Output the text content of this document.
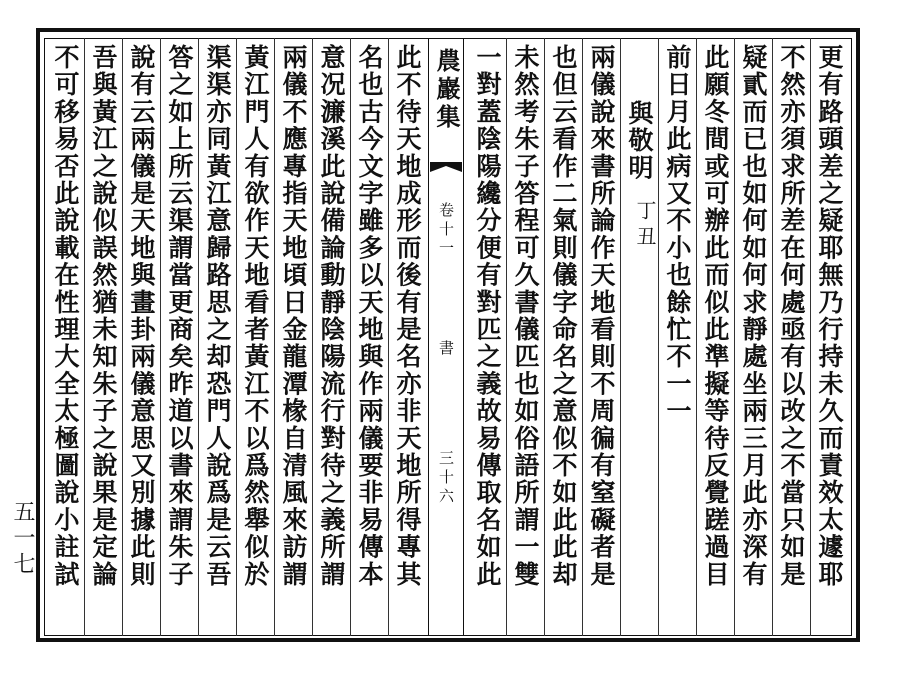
更有路頭差之疑耶無乃行持未久而責效太遽耶
不然亦須求所差在何處亟有以改之不當只如是
疑貳而已也如何如何求靜處坐兩三月此亦深有
此願冬間或可辦此而似此準擬等待反覺蹉過目
前日月此病又不小也餘忙不一一
與敬明
丁丑
兩儀說來書所論作天地看則不周徧有窒礙者是
也但云看作二氣則儀字命名之意似不如此此却
未然考朱子答程可久書儀匹也如俗語所謂一雙
一對蓋陰陽纔分便有對匹之義故易傳取名如此
農巖集
卷十一
書
三十六
此不待天地成形而後有是名亦非天地所得專其
名也古今文字雖多以天地與作兩儀要非易傳本
意况濂溪此說備論動靜陰陽流行對待之義所謂
兩儀不應專指天地頃日金龍潭椽自清風來訪謂
黃江門人有欲作天地看者黃江不以爲然舉似於
渠渠亦同黃江意歸路思之却恐門人說爲是云吾
答之如上所云渠謂當更商矣昨道以書來謂朱子
說有云兩儀是天地與畫卦兩儀意思又別據此則
吾與黃江之說似誤然猶未知朱子之說果是定論
不可移易否此說載在性理大全太極圖說小註試
五一七
